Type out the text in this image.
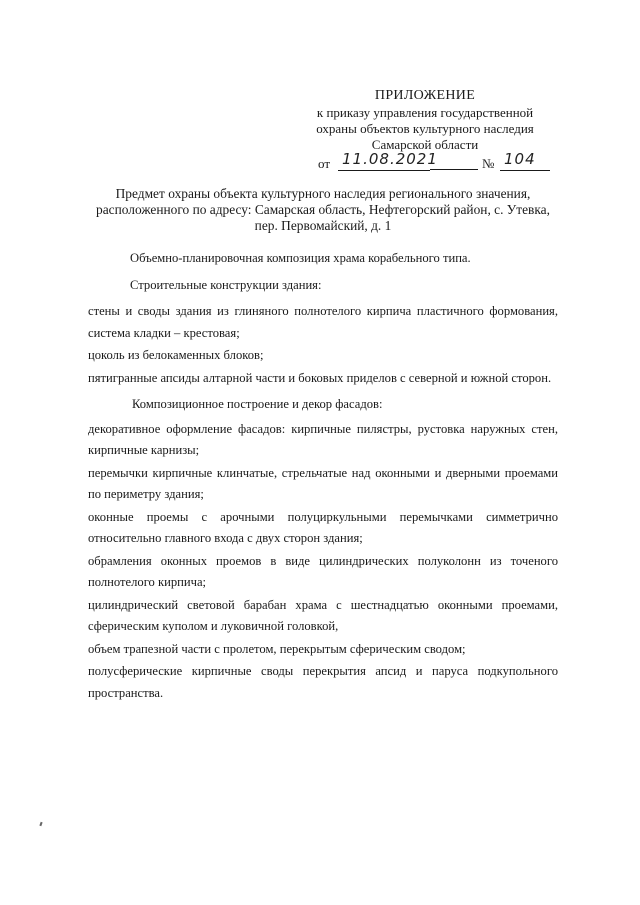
ПРИЛОЖЕНИЕ
к приказу управления государственной
охраны объектов культурного наследия
Самарской области
от 11.08.2021	№ 104
Предмет охраны объекта культурного наследия регионального значения,
расположенного по адресу: Самарская область, Нефтегорский район, с. Утевка,
пер. Первомайский, д. 1

Объемно-планировочная композиция храма корабельного типа.

Строительные конструкции здания:

стены и своды здания из глиняного полнотелого кирпича пластичного формования, система кладки – крестовая;

цоколь из белокаменных блоков;

пятигранные апсиды алтарной части и боковых приделов с северной и южной сторон.

Композиционное построение и декор фасадов:

декоративное оформление фасадов: кирпичные пилястры, рустовка наружных стен, кирпичные карнизы;

перемычки кирпичные клинчатые, стрельчатые над оконными и дверными проемами по периметру здания;

оконные проемы с арочными полуциркульными перемычками симметрично относительно главного входа с двух сторон здания;

обрамления оконных проемов в виде цилиндрических полуколонн из точеного полнотелого кирпича;

цилиндрический световой барабан храма с шестнадцатью оконными проемами, сферическим куполом и луковичной головкой,

объем трапезной части с пролетом, перекрытым сферическим сводом;

полусферические кирпичные своды перекрытия апсид и паруса подкупольного пространства.
